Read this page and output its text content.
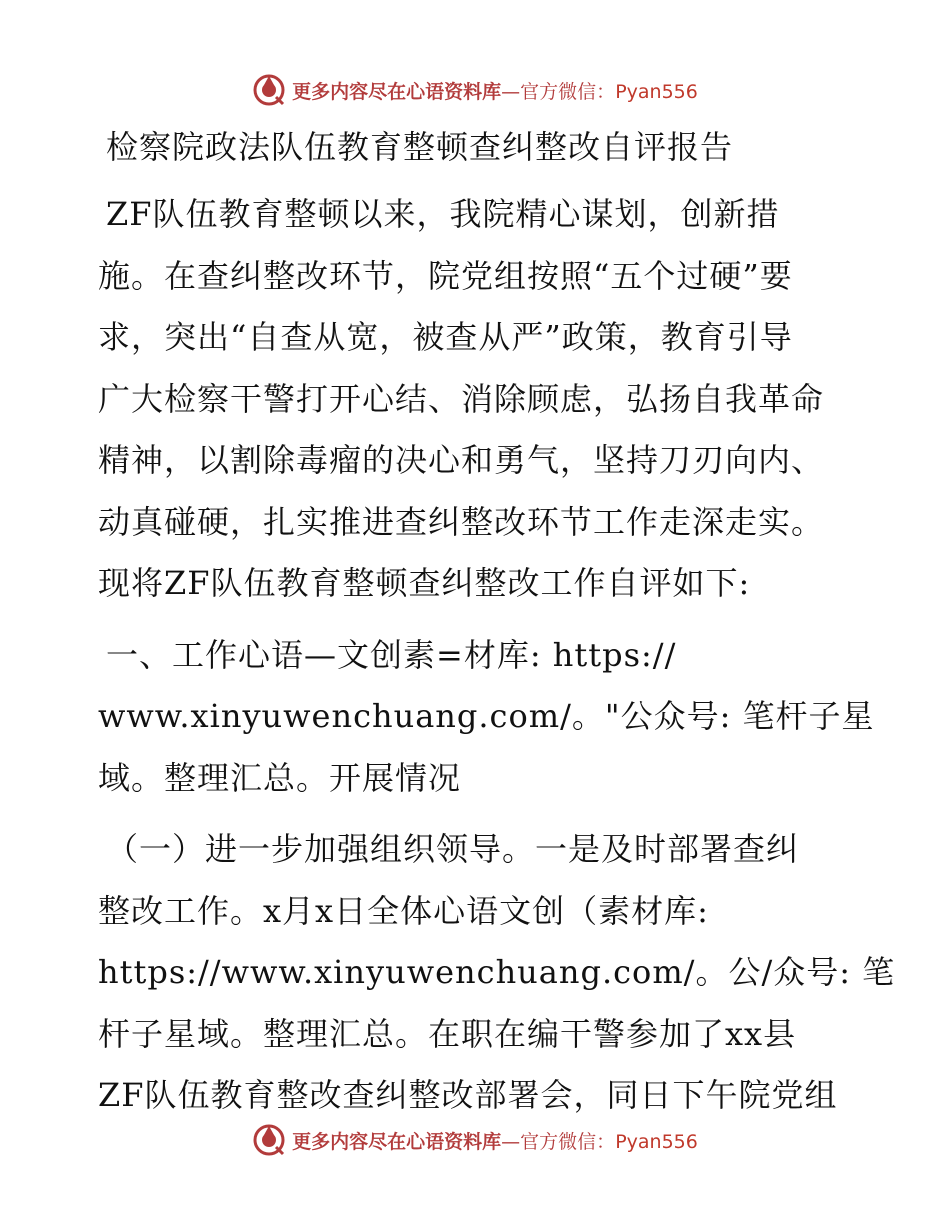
更多内容尽在心语资料库—官方微信：Pyan556
检察院政法队伍教育整顿查纠整改自评报告
ZF队伍教育整顿以来，我院精心谋划，创新措
施。在查纠整改环节，院党组按照“五个过硬”要
求，突出“自查从宽，被查从严”政策，教育引导
广大检察干警打开心结、消除顾虑，弘扬自我革命
精神，以割除毒瘤的决心和勇气，坚持刀刃向内、
动真碰硬，扎实推进查纠整改环节工作走深走实。
现将ZF队伍教育整顿查纠整改工作自评如下:
一、工作心语—文创素=材库: https://
www.xinyuwenchuang.com/。"公众号: 笔杆子星
域。整理汇总。开展情况
（一）进一步加强组织领导。一是及时部署查纠
整改工作。x月x日全体心语文创（素材库:
https://www.xinyuwenchuang.com/。公/众号: 笔
杆子星域。整理汇总。在职在编干警参加了xx县
ZF队伍教育整改查纠整改部署会，同日下午院党组
更多内容尽在心语资料库—官方微信：Pyan556
